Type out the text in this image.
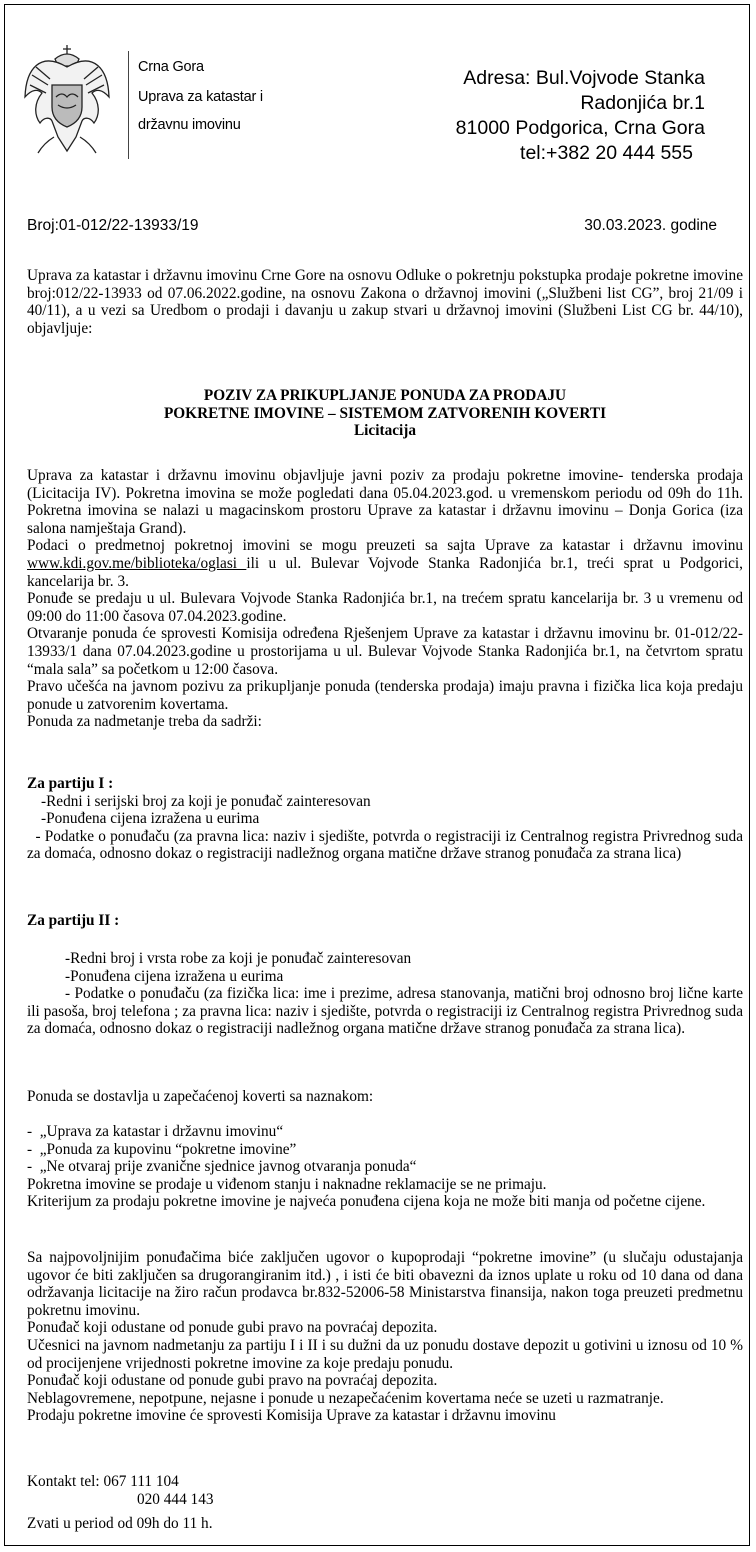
Crna Gora
Uprava za katastar i
državnu imovinu
Adresa: Bul.Vojvode Stanka
Radonjića br.1
81000 Podgorica, Crna Gora
tel:+382 20 444 555
Broj:01-012/22-13933/19	30.03.2023. godine

Uprava za katastar i državnu imovinu Crne Gore na osnovu Odluke o pokretnju pokstupka prodaje pokretne imovine broj:012/22-13933 od 07.06.2022.godine, na osnovu Zakona o državnoj imovini („Službeni list CG”, broj 21/09 i 40/11), a u vezi sa Uredbom o prodaji i davanju u zakup stvari u državnoj imovini (Službeni List CG br. 44/10), objavljuje:

POZIV ZA PRIKUPLJANJE PONUDA ZA PRODAJU
POKRETNE IMOVINE – SISTEMOM ZATVORENIH KOVERTI
Licitacija

Uprava za katastar i državnu imovinu objavljuje javni poziv za prodaju pokretne imovine- tenderska prodaja (Licitacija IV). Pokretna imovina se može pogledati dana 05.04.2023.god. u vremenskom periodu od 09h do 11h. Pokretna imovina se nalazi u magacinskom prostoru Uprave za katastar i državnu imovinu – Donja Gorica (iza salona namještaja Grand).

Podaci o predmetnoj pokretnoj imovini se mogu preuzeti sa sajta Uprave za katastar i državnu imovinu www.kdi.gov.me/biblioteka/oglasi ili u ul. Bulevar Vojvode Stanka Radonjića br.1, treći sprat u Podgorici, kancelarija br. 3.

Ponuđe se predaju u ul. Bulevara Vojvode Stanka Radonjića br.1, na trećem spratu kancelarija br. 3 u vremenu od 09:00 do 11:00 časova 07.04.2023.godine.

Otvaranje ponuda će sprovesti Komisija određena Rješenjem Uprave za katastar i državnu imovinu br. 01-012/22-13933/1 dana 07.04.2023.godine u prostorijama u ul. Bulevar Vojvode Stanka Radonjića br.1, na četvrtom spratu “mala sala” sa početkom u 12:00 časova.

Pravo učešća na javnom pozivu za prikupljanje ponuda (tenderska prodaja) imaju pravna i fizička lica koja predaju ponude u zatvorenim kovertama.

Ponuda za nadmetanje treba da sadrži:

Za partiju I :

-Redni i serijski broj za koji je ponuđač zainteresovan

-Ponuđena cijena izražena u eurima

- Podatke o ponuđaču (za pravna lica: naziv i sjedište, potvrda o registraciji iz Centralnog registra Privrednog suda za domaća, odnosno dokaz o registraciji nadležnog organa matične države stranog ponuđača za strana lica)

Za partiju II :

-Redni broj i vrsta robe za koji je ponuđač zainteresovan

-Ponuđena cijena izražena u eurima

- Podatke o ponuđaču (za fizička lica: ime i prezime, adresa stanovanja, matični broj odnosno broj lične karte ili pasoša, broj telefona ; za pravna lica: naziv i sjedište, potvrda o registraciji iz Centralnog registra Privrednog suda za domaća, odnosno dokaz o registraciji nadležnog organa matične države stranog ponuđača za strana lica).

Ponuda se dostavlja u zapečaćenoj koverti sa naznakom:

-  „Uprava za katastar i državnu imovinu“

-  „Ponuda za kupovinu “pokretne imovine”

-  „Ne otvaraj prije zvanične sjednice javnog otvaranja ponuda“

Pokretna imovine se prodaje u viđenom stanju i naknadne reklamacije se ne primaju.

Kriterijum za prodaju pokretne imovine je najveća ponuđena cijena koja ne može biti manja od početne cijene.

Sa najpovoljnijim ponuđačima biće zaključen ugovor o kupoprodaji “pokretne imovine” (u slučaju odustajanja ugovor će biti zaključen sa drugorangiranim itd.) , i isti će biti obavezni da iznos uplate u roku od 10 dana od dana održavanja licitacije na žiro račun prodavca br.832-52006-58 Ministarstva finansija, nakon toga preuzeti predmetnu pokretnu imovinu.

Ponuđač koji odustane od ponude gubi pravo na povraćaj depozita.

Učesnici na javnom nadmetanju za partiju I i II i su dužni da uz ponudu dostave depozit u gotivini u iznosu od 10 % od procijenjene vrijednosti pokretne imovine za koje predaju ponudu.

Ponuđač koji odustane od ponude gubi pravo na povraćaj depozita.

Neblagovremene, nepotpune, nejasne i ponude u nezapečaćenim kovertama neće se uzeti u razmatranje.

Prodaju pokretne imovine će sprovesti Komisija Uprave za katastar i državnu imovinu

Kontakt tel: 067 111 104

020 444 143

Zvati u period od 09h do 11 h.
